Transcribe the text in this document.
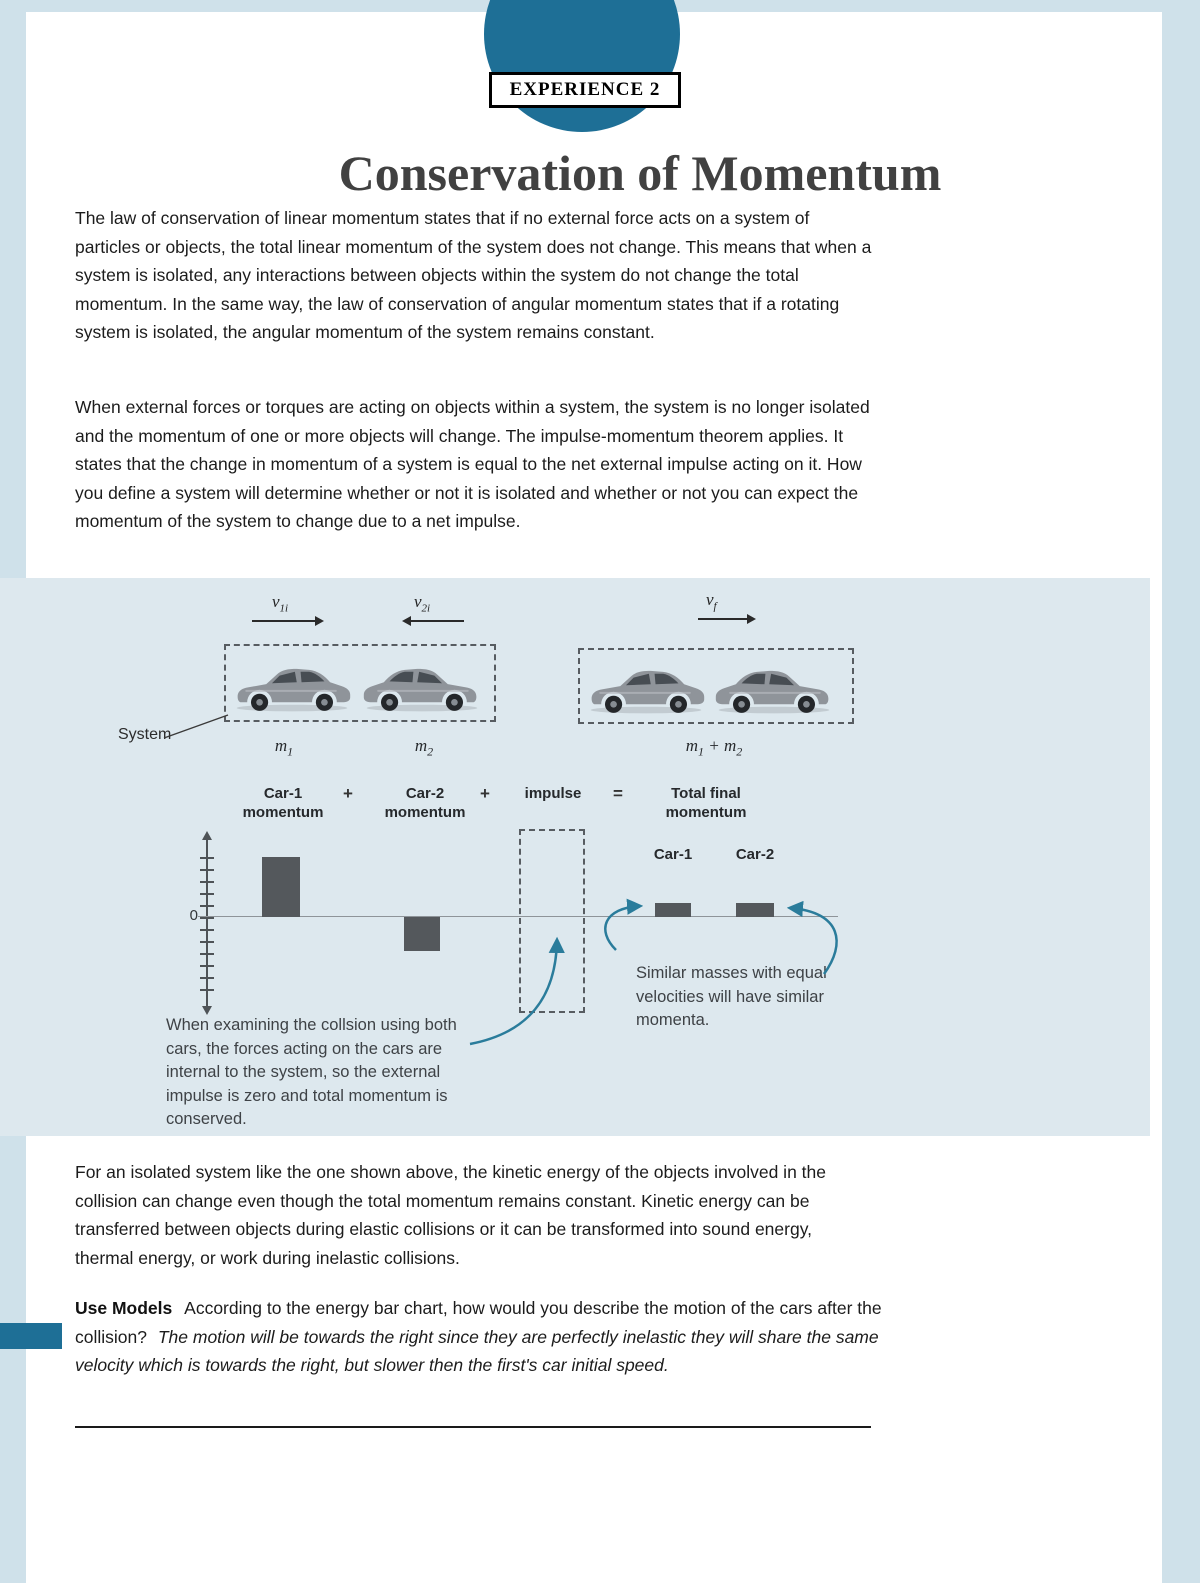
EXPERIENCE 2
Conservation of Momentum

The law of conservation of linear momentum states that if no external force acts on a system of particles or objects, the total linear momentum of the system does not change. This means that when a system is isolated, any interactions between objects within the system do not change the total momentum. In the same way, the law of conservation of angular momentum states that if a rotating system is isolated, the angular momentum of the system remains constant.

When external forces or torques are acting on objects within a system, the system is no longer isolated and the momentum of one or more objects will change. The impulse-momentum theorem applies. It states that the change in momentum of a system is equal to the net external impulse acting on it. How you define a system will determine whether or not it is isolated and whether or not you can expect the momentum of the system to change due to a net impulse.

$v_{1i}$	$v_{2i}$	$v_f$
System
$m_1$	$m_2$	$m_1 + m_2$
Car-1 momentum
+	Car-2 momentum
+	impulse	=	Total final momentum
Car-1	Car-2
0
When examining the collsion using both cars, the forces acting on the cars are internal to the system, so the external impulse is zero and total momentum is conserved.
Similar masses with equal velocities will have similar momenta.

For an isolated system like the one shown above, the kinetic energy of the objects involved in the collision can change even though the total momentum remains constant. Kinetic energy can be transferred between objects during elastic collisions or it can be transformed into sound energy, thermal energy, or work during inelastic collisions.

Use Models According to the energy bar chart, how would you describe the motion of the cars after the collision? The motion will be towards the right since they are perfectly inelastic they will share the same velocity which is towards the right, but slower then the first's car initial speed.
